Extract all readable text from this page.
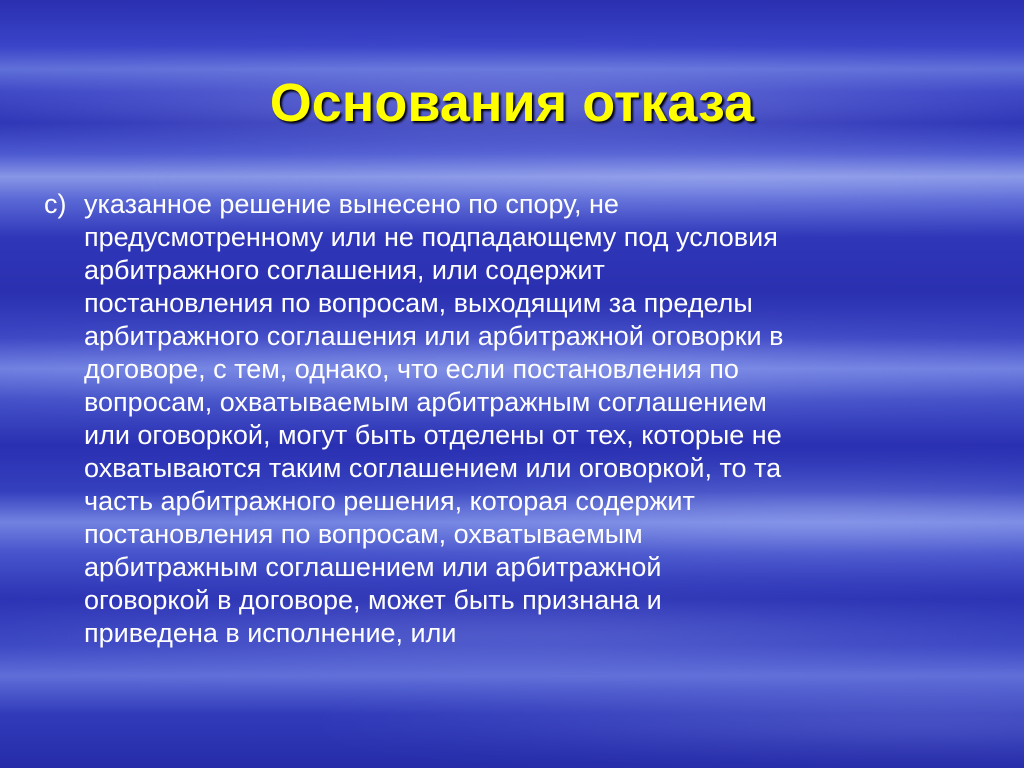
Основания отказа
с) указанное решение вынесено по спору, не
предусмотренному или не подпадающему под условия
арбитражного соглашения, или содержит
постановления по вопросам, выходящим за пределы
арбитражного соглашения или арбитражной оговорки в
договоре, с тем, однако, что если постановления по
вопросам, охватываемым арбитражным соглашением
или оговоркой, могут быть отделены от тех, которые не
охватываются таким соглашением или оговоркой, то та
часть арбитражного решения, которая содержит
постановления по вопросам, охватываемым
арбитражным соглашением или арбитражной
оговоркой в договоре, может быть признана и
приведена в исполнение, или
